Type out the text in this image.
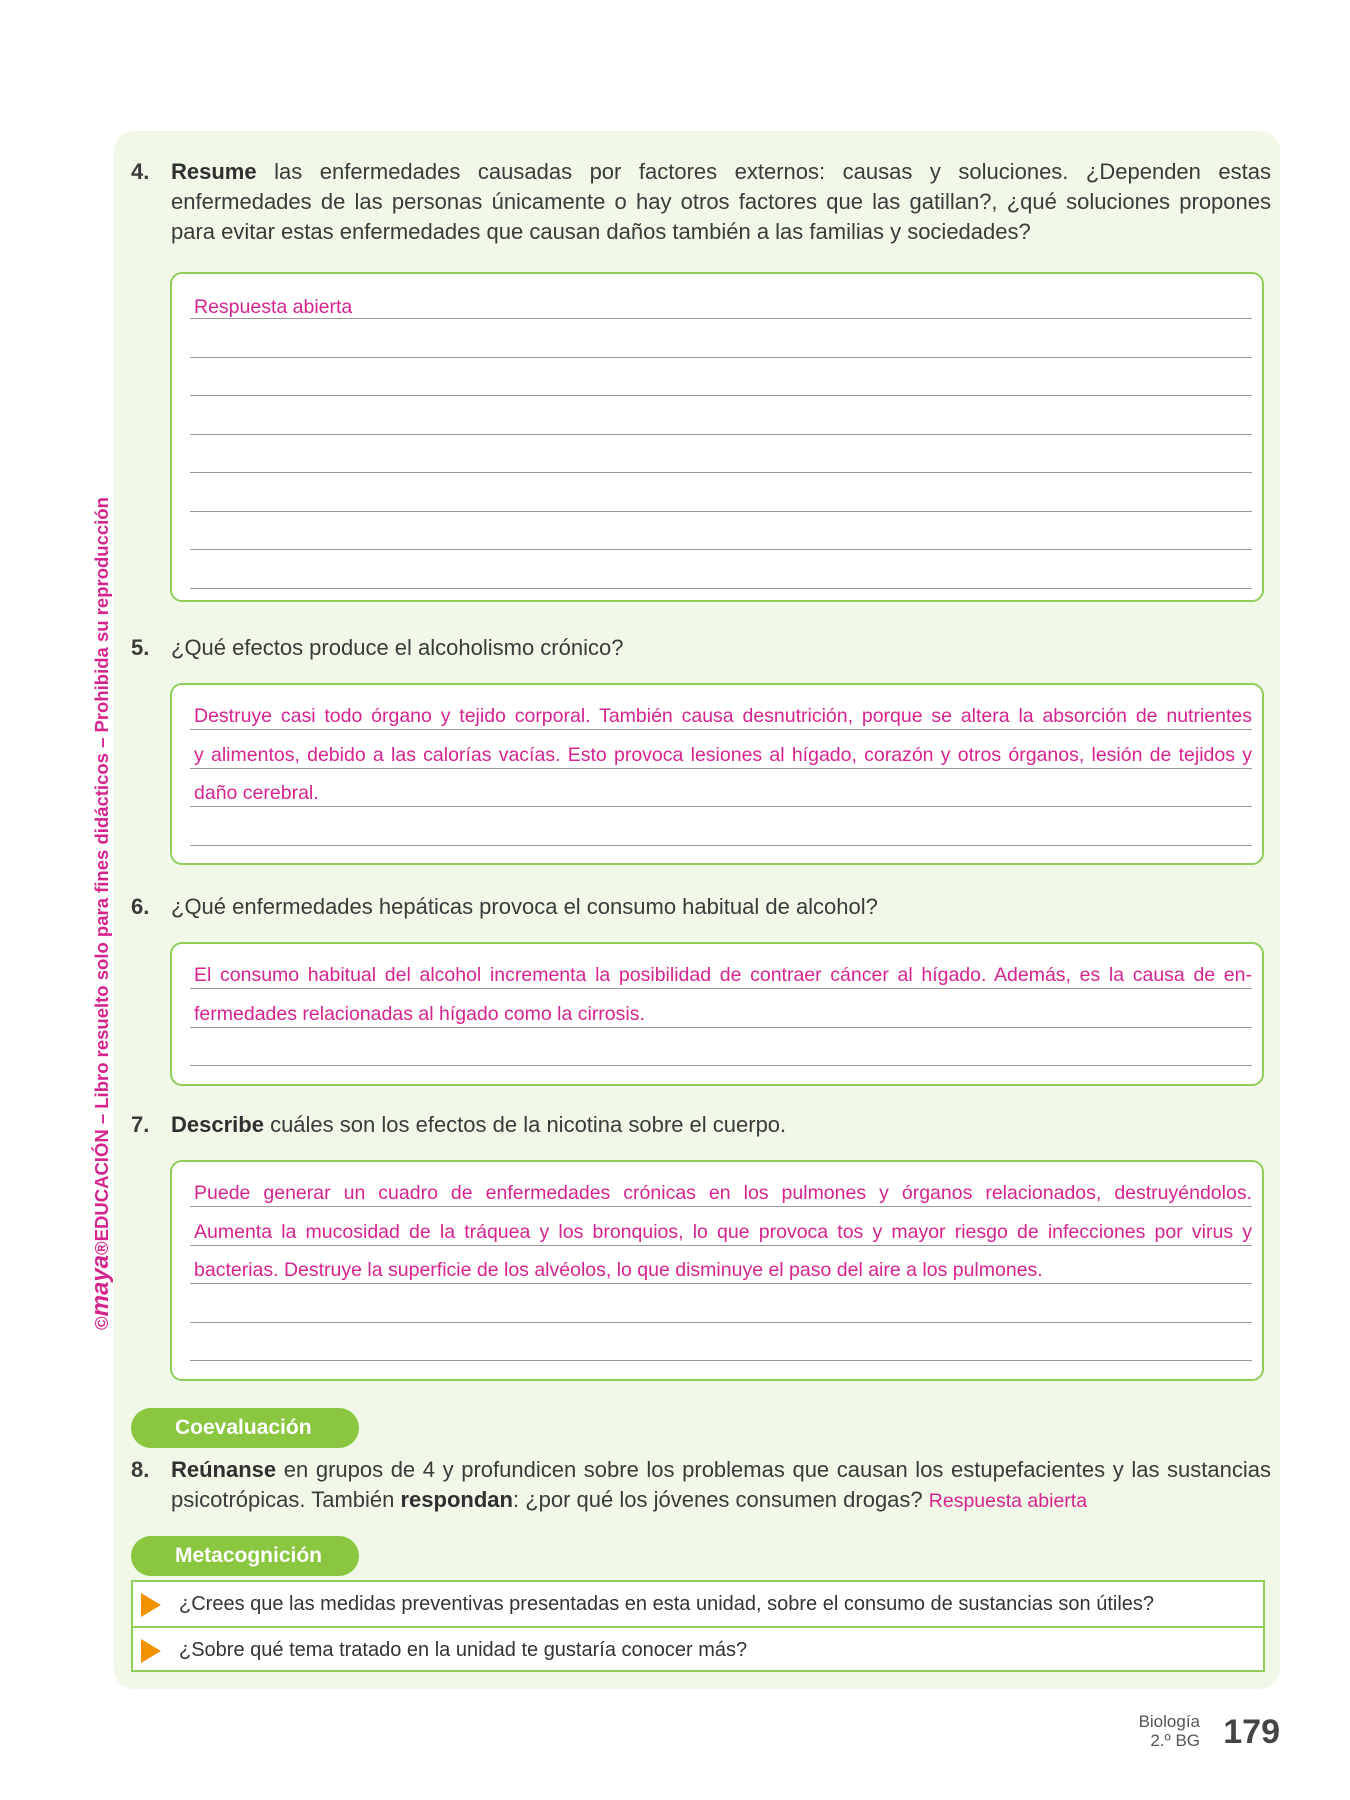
©maya®EDUCACIÓN – Libro resuelto solo para fines didácticos – Prohibida su reproducción
4. Resume las enfermedades causadas por factores externos: causas y soluciones. ¿Dependen estas enfermedades de las personas únicamente o hay otros factores que las gatillan?, ¿qué soluciones propones para evitar estas enfermedades que causan daños también a las familias y sociedades?
Respuesta abierta
5. ¿Qué efectos produce el alcoholismo crónico?
Destruye casi todo órgano y tejido corporal. También causa desnutrición, porque se altera la absorción de nutrientes
y alimentos, debido a las calorías vacías. Esto provoca lesiones al hígado, corazón y otros órganos, lesión de tejidos y
daño cerebral.
6. ¿Qué enfermedades hepáticas provoca el consumo habitual de alcohol?
El consumo habitual del alcohol incrementa la posibilidad de contraer cáncer al hígado. Además, es la causa de en-
fermedades relacionadas al hígado como la cirrosis.
7. Describe cuáles son los efectos de la nicotina sobre el cuerpo.
Puede generar un cuadro de enfermedades crónicas en los pulmones y órganos relacionados, destruyéndolos.
Aumenta la mucosidad de la tráquea y los bronquios, lo que provoca tos y mayor riesgo de infecciones por virus y
bacterias. Destruye la superficie de los alvéolos, lo que disminuye el paso del aire a los pulmones.
Coevaluación
8. Reúnanse en grupos de 4 y profundicen sobre los problemas que causan los estupefacientes y las sustancias psicotrópicas. También respondan: ¿por qué los jóvenes consumen drogas? Respuesta abierta
Metacognición
¿Crees que las medidas preventivas presentadas en esta unidad, sobre el consumo de sustancias son útiles?
¿Sobre qué tema tratado en la unidad te gustaría conocer más?
Biología
2.º BG 179
